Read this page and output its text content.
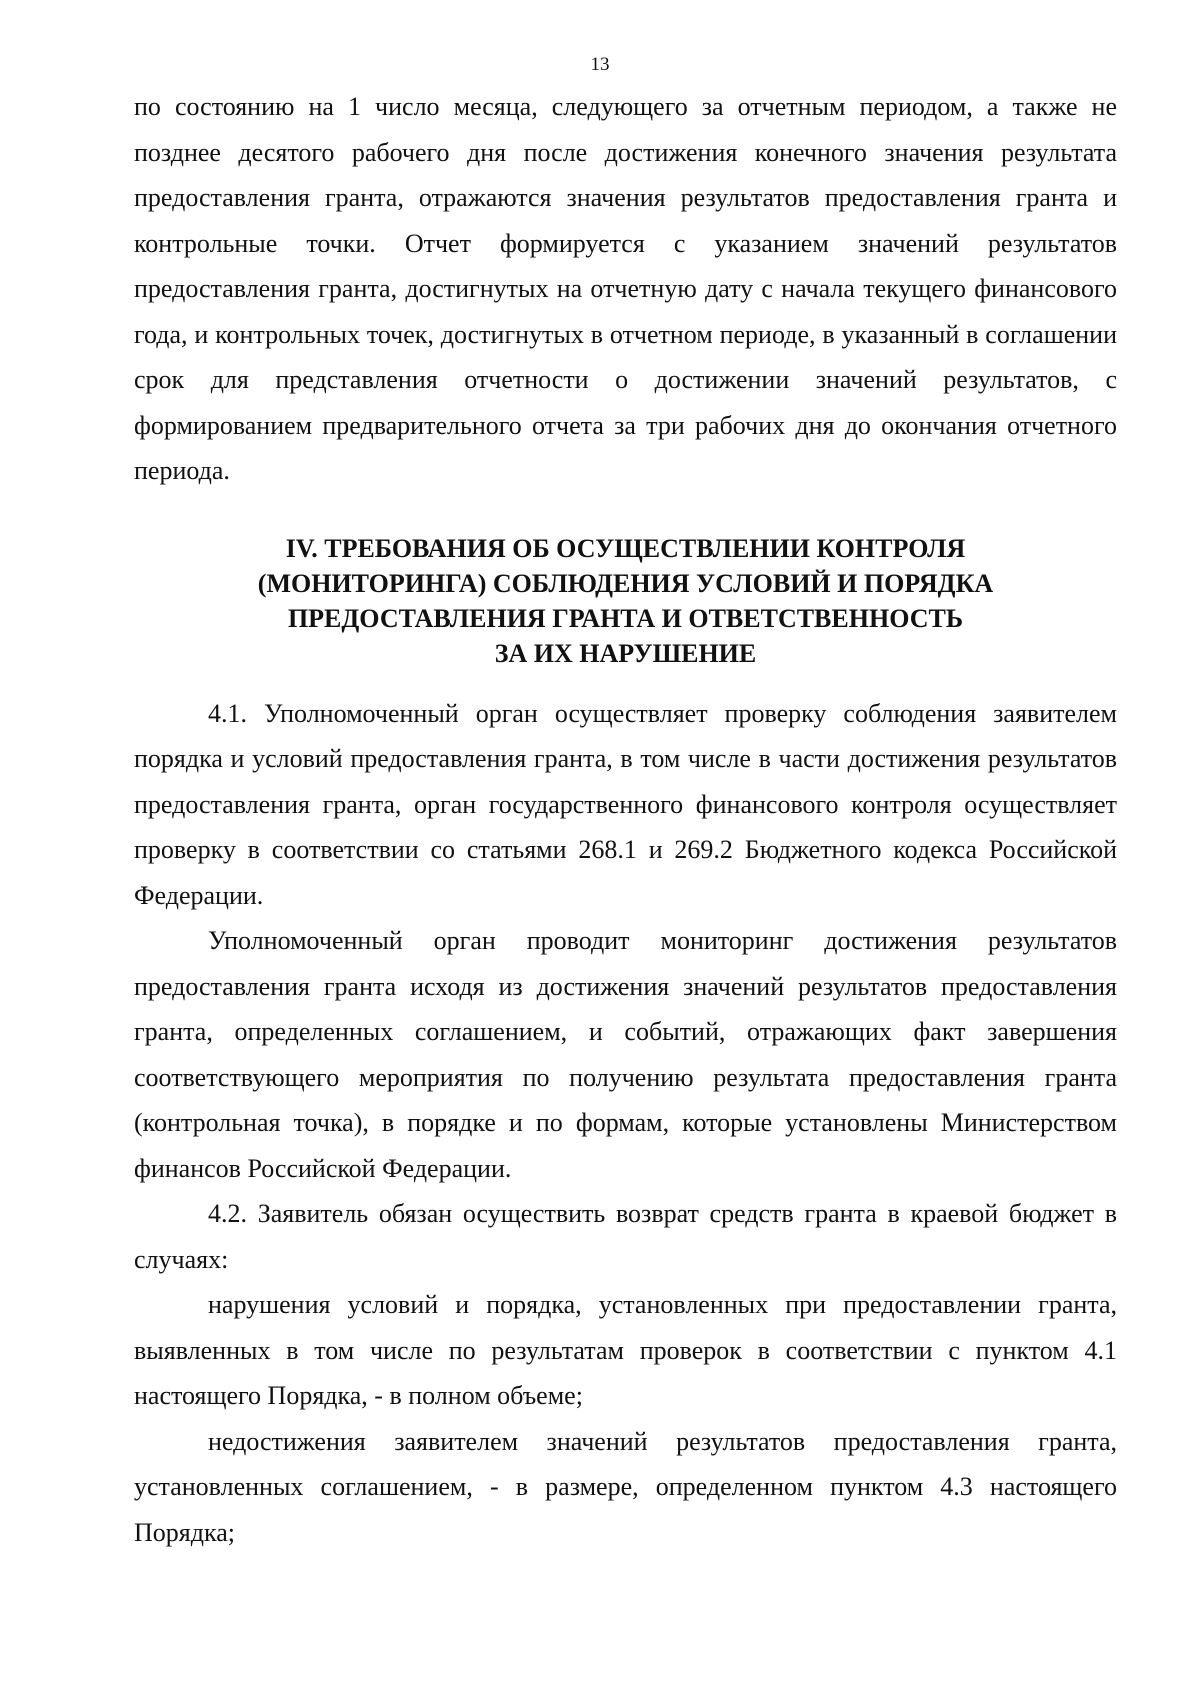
13

по состоянию на 1 число месяца, следующего за отчетным периодом, а также не позднее десятого рабочего дня после достижения конечного значения результата предоставления гранта, отражаются значения результатов предоставления гранта и контрольные точки. Отчет формируется с указанием значений результатов предоставления гранта, достигнутых на отчетную дату с начала текущего финансового года, и контрольных точек, достигнутых в отчетном периоде, в указанный в соглашении срок для представления отчетности о достижении значений результатов, с формированием предварительного отчета за три рабочих дня до окончания отчетного периода.

IV. ТРЕБОВАНИЯ ОБ ОСУЩЕСТВЛЕНИИ КОНТРОЛЯ
(МОНИТОРИНГА) СОБЛЮДЕНИЯ УСЛОВИЙ И ПОРЯДКА
ПРЕДОСТАВЛЕНИЯ ГРАНТА И ОТВЕТСТВЕННОСТЬ
ЗА ИХ НАРУШЕНИЕ

4.1. Уполномоченный орган осуществляет проверку соблюдения заявителем порядка и условий предоставления гранта, в том числе в части достижения результатов предоставления гранта, орган государственного финансового контроля осуществляет проверку в соответствии со статьями 268.1 и 269.2 Бюджетного кодекса Российской Федерации.

Уполномоченный орган проводит мониторинг достижения результатов предоставления гранта исходя из достижения значений результатов предоставления гранта, определенных соглашением, и событий, отражающих факт завершения соответствующего мероприятия по получению результата предоставления гранта (контрольная точка), в порядке и по формам, которые установлены Министерством финансов Российской Федерации.

4.2. Заявитель обязан осуществить возврат средств гранта в краевой бюджет в случаях:

нарушения условий и порядка, установленных при предоставлении гранта, выявленных в том числе по результатам проверок в соответствии с пунктом 4.1 настоящего Порядка, - в полном объеме;

недостижения заявителем значений результатов предоставления гранта, установленных соглашением, - в размере, определенном пунктом 4.3 настоящего Порядка;
